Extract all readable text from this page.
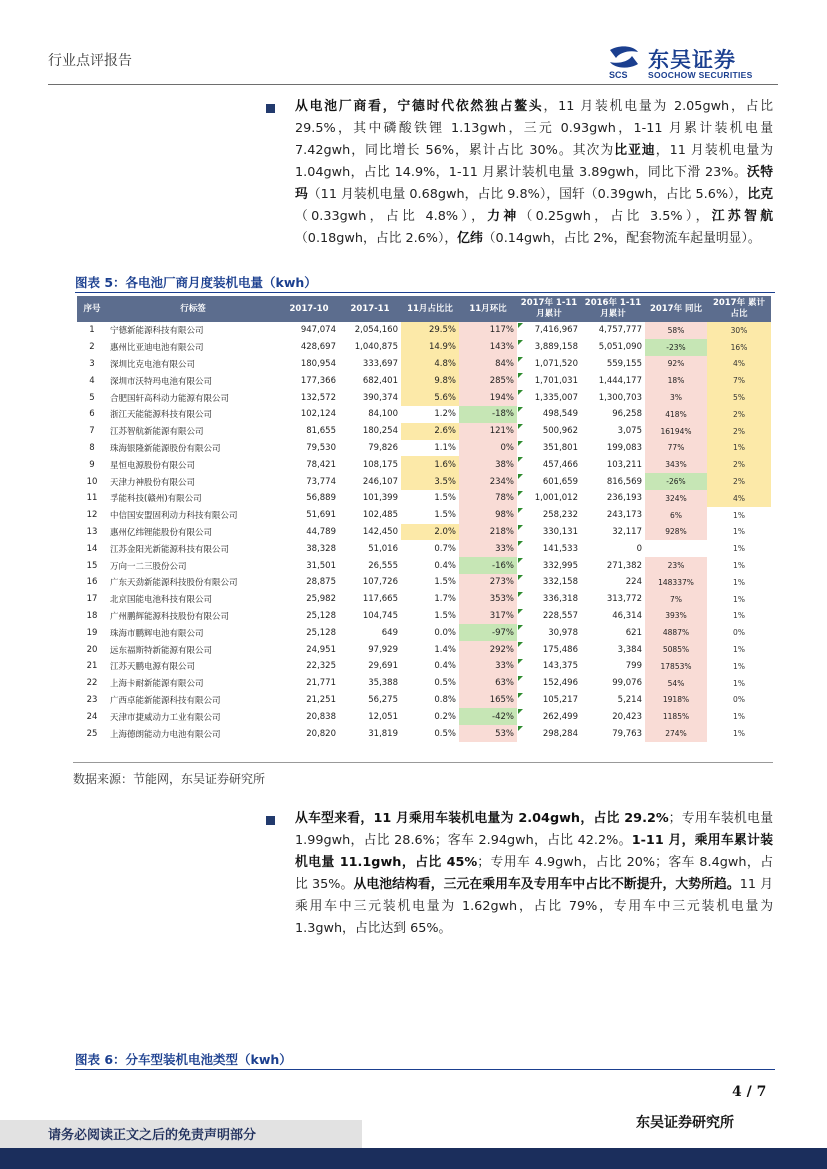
行业点评报告
SCS
东吴证券
SOOCHOW SECURITIES
从电池厂商看，宁德时代依然独占鳌头，11 月装机电量为 2.05gwh，占比 29.5%，其中磷酸铁锂 1.13gwh，三元 0.93gwh，1-11 月累计装机电量 7.42gwh，同比增长 56%，累计占比 30%。其次为比亚迪，11 月装机电量为 1.04gwh，占比 14.9%，1-11 月累计装机电量 3.89gwh，同比下滑 23%。沃特玛（11 月装机电量 0.68gwh，占比 9.8%），国轩（0.39gwh，占比 5.6%），比克（0.33gwh，占比 4.8%），力神（0.25gwh，占比 3.5%），江苏智航（0.18gwh，占比 2.6%），亿纬（0.14gwh，占比 2%，配套物流车起量明显）。
图表 5：各电池厂商月度装机电量（kwh）
序号	行标签	2017-10	2017-11	11月占比比	11月环比	2017年 1-11月累计	2016年 1-11月累计	2017年 同比	2017年 累计占比
1	宁德新能源科技有限公司	947,074	2,054,160	29.5%	117%	7,416,967	4,757,777	58%	30%
2	惠州比亚迪电池有限公司	428,697	1,040,875	14.9%	143%	3,889,158	5,051,090	-23%	16%
3	深圳比克电池有限公司	180,954	333,697	4.8%	84%	1,071,520	559,155	92%	4%
4	深圳市沃特玛电池有限公司	177,366	682,401	9.8%	285%	1,701,031	1,444,177	18%	7%
5	合肥国轩高科动力能源有限公司	132,572	390,374	5.6%	194%	1,335,007	1,300,703	3%	5%
6	浙江天能能源科技有限公司	102,124	84,100	1.2%	-18%	498,549	96,258	418%	2%
7	江苏智航新能源有限公司	81,655	180,254	2.6%	121%	500,962	3,075	16194%	2%
8	珠海银隆新能源股份有限公司	79,530	79,826	1.1%	0%	351,801	199,083	77%	1%
9	星恒电源股份有限公司	78,421	108,175	1.6%	38%	457,466	103,211	343%	2%
10	天津力神股份有限公司	73,774	246,107	3.5%	234%	601,659	816,569	-26%	2%
11	孚能科技(赣州)有限公司	56,889	101,399	1.5%	78%	1,001,012	236,193	324%	4%
12	中信国安盟固利动力科技有限公司	51,691	102,485	1.5%	98%	258,232	243,173	6%	1%
13	惠州亿纬锂能股份有限公司	44,789	142,450	2.0%	218%	330,131	32,117	928%	1%
14	江苏金阳光新能源科技有限公司	38,328	51,016	0.7%	33%	141,533	0		1%
15	万向一二三股份公司	31,501	26,555	0.4%	-16%	332,995	271,382	23%	1%
16	广东天劲新能源科技股份有限公司	28,875	107,726	1.5%	273%	332,158	224	148337%	1%
17	北京国能电池科技有限公司	25,982	117,665	1.7%	353%	336,318	313,772	7%	1%
18	广州鹏辉能源科技股份有限公司	25,128	104,745	1.5%	317%	228,557	46,314	393%	1%
19	珠海市鹏辉电池有限公司	25,128	649	0.0%	-97%	30,978	621	4887%	0%
20	远东福斯特新能源有限公司	24,951	97,929	1.4%	292%	175,486	3,384	5085%	1%
21	江苏天鹏电源有限公司	22,325	29,691	0.4%	33%	143,375	799	17853%	1%
22	上海卡耐新能源有限公司	21,771	35,388	0.5%	63%	152,496	99,076	54%	1%
23	广西卓能新能源科技有限公司	21,251	56,275	0.8%	165%	105,217	5,214	1918%	0%
24	天津市捷威动力工业有限公司	20,838	12,051	0.2%	-42%	262,499	20,423	1185%	1%
25	上海德朗能动力电池有限公司	20,820	31,819	0.5%	53%	298,284	79,763	274%	1%
数据来源：节能网，东吴证券研究所
从车型来看，11 月乘用车装机电量为 2.04gwh，占比 29.2%；专用车装机电量 1.99gwh，占比 28.6%；客车 2.94gwh，占比 42.2%。1-11 月，乘用车累计装机电量 11.1gwh，占比 45%；专用车 4.9gwh，占比 20%；客车 8.4gwh，占比 35%。从电池结构看，三元在乘用车及专用车中占比不断提升，大势所趋。11 月乘用车中三元装机电量为 1.62gwh，占比 79%，专用车中三元装机电量为 1.3gwh，占比达到 65%。
图表 6：分车型装机电池类型（kwh）
4 / 7
东吴证券研究所
请务必阅读正文之后的免责声明部分
